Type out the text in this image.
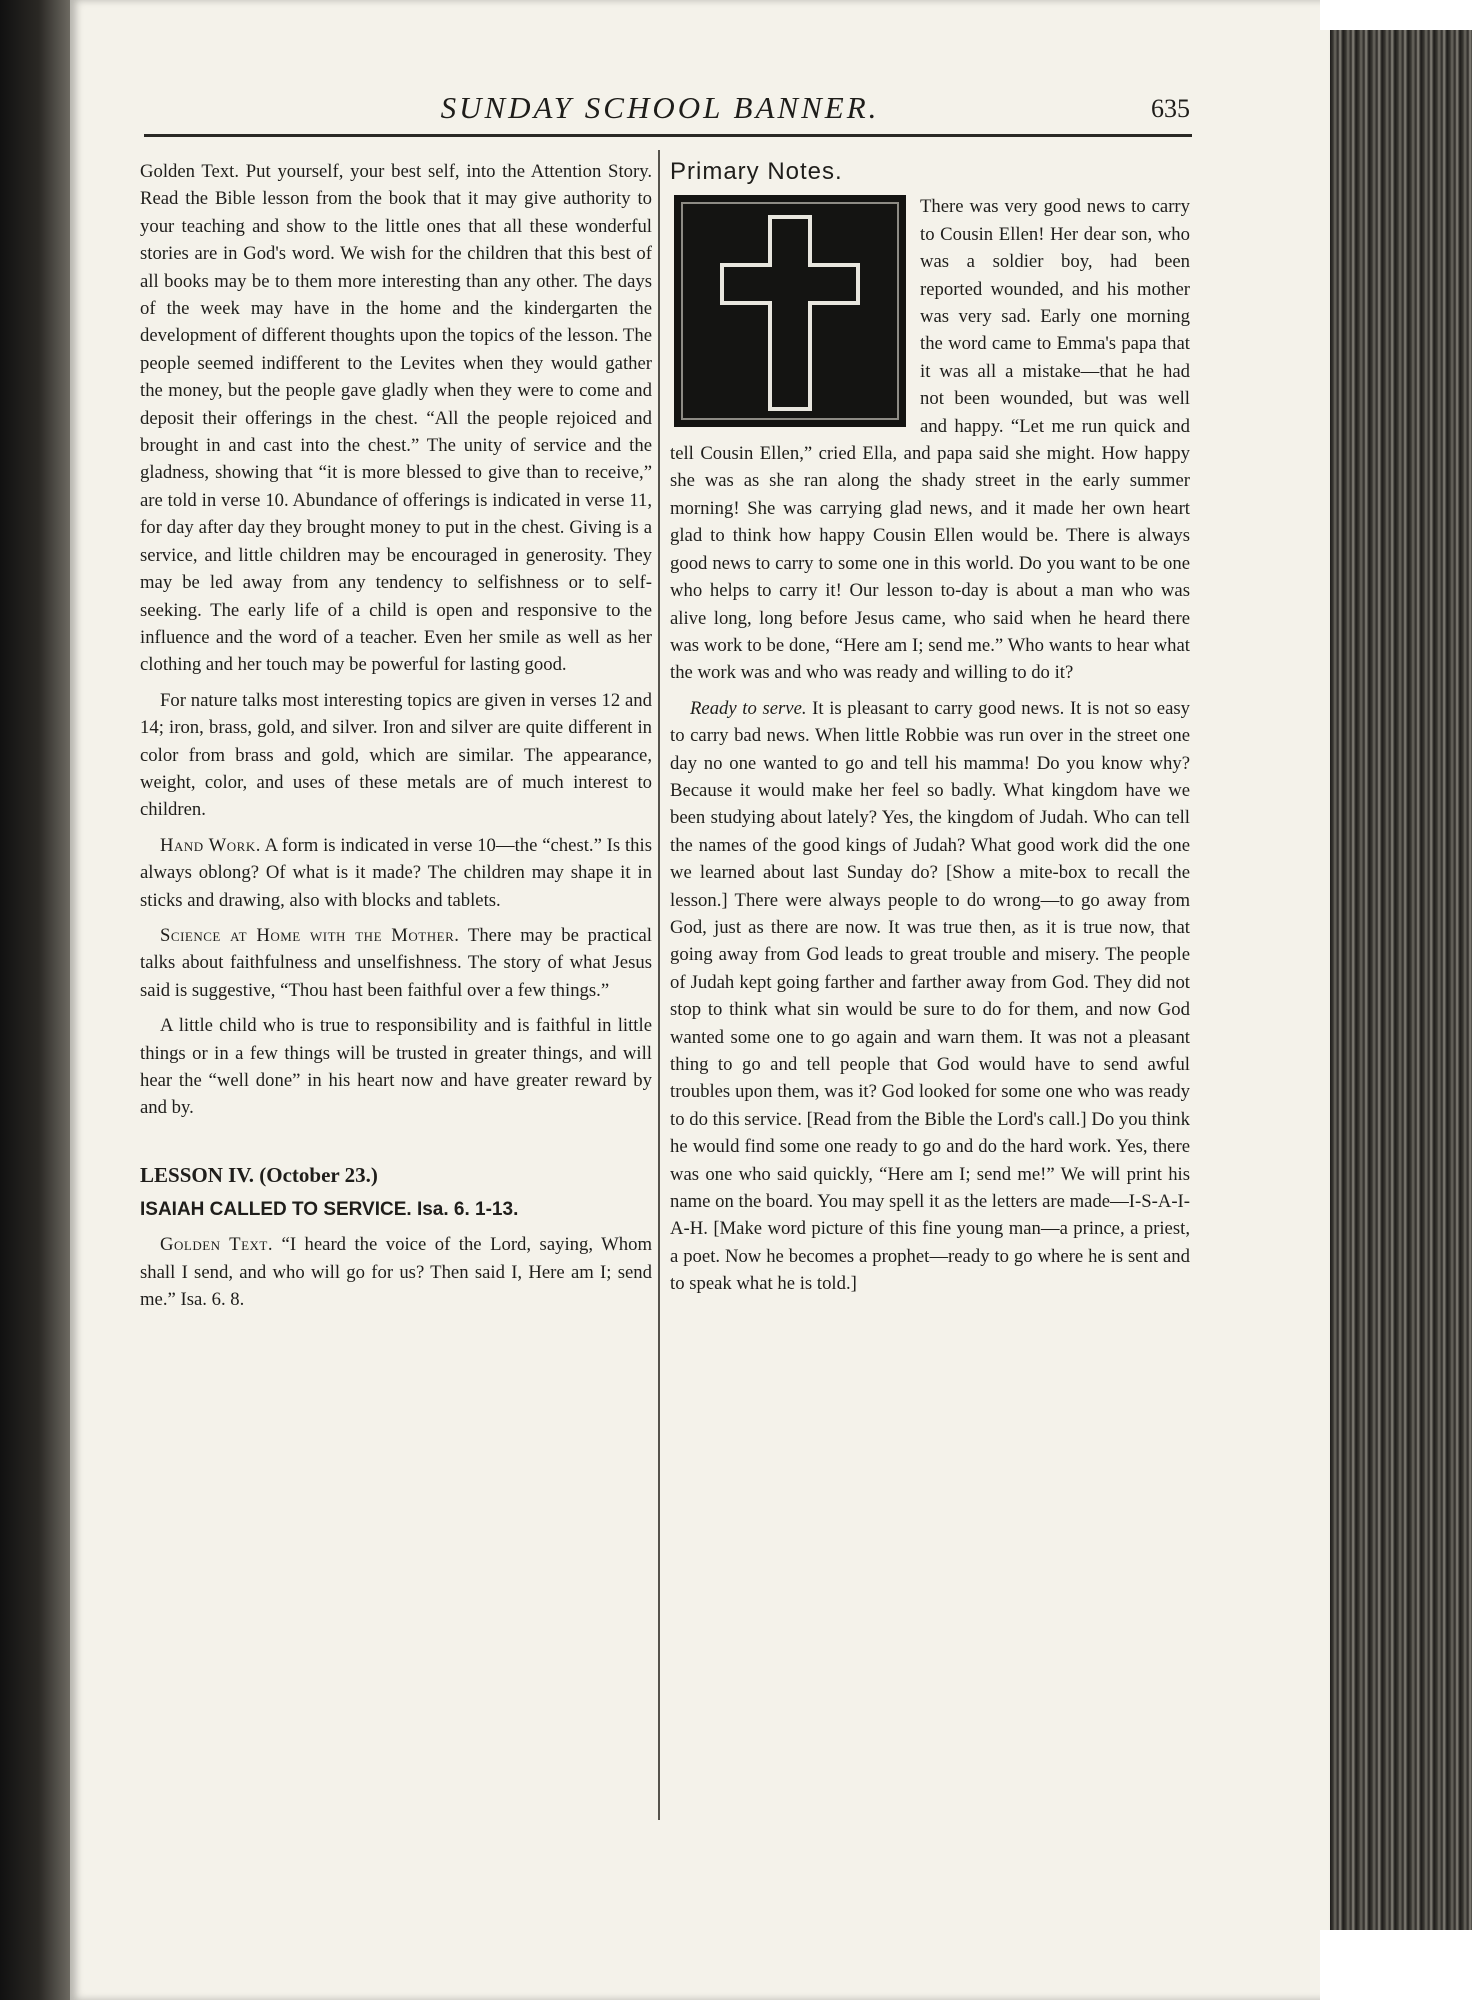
SUNDAY SCHOOL BANNER.	635

Golden Text. Put yourself, your best self, into the Attention Story. Read the Bible lesson from the book that it may give authority to your teaching and show to the little ones that all these wonderful stories are in God's word. We wish for the children that this best of all books may be to them more interesting than any other. The days of the week may have in the home and the kindergarten the development of different thoughts upon the topics of the lesson. The people seemed indifferent to the Levites when they would gather the money, but the people gave gladly when they were to come and deposit their offerings in the chest. “All the people rejoiced and brought in and cast into the chest.” The unity of service and the gladness, showing that “it is more blessed to give than to receive,” are told in verse 10. Abundance of offerings is indicated in verse 11, for day after day they brought money to put in the chest. Giving is a service, and little children may be encouraged in generosity. They may be led away from any tendency to selfishness or to self-seeking. The early life of a child is open and responsive to the influence and the word of a teacher. Even her smile as well as her clothing and her touch may be powerful for lasting good.

For nature talks most interesting topics are given in verses 12 and 14; iron, brass, gold, and silver. Iron and silver are quite different in color from brass and gold, which are similar. The appearance, weight, color, and uses of these metals are of much interest to children.

Hand Work. A form is indicated in verse 10—the “chest.” Is this always oblong? Of what is it made? The children may shape it in sticks and drawing, also with blocks and tablets.

Science at Home with the Mother. There may be practical talks about faithfulness and unselfishness. The story of what Jesus said is suggestive, “Thou hast been faithful over a few things.”

A little child who is true to responsibility and is faithful in little things or in a few things will be trusted in greater things, and will hear the “well done” in his heart now and have greater reward by and by.

LESSON IV. (October 23.)

ISAIAH CALLED TO SERVICE. Isa. 6. 1-13.

Golden Text. “I heard the voice of the Lord, saying, Whom shall I send, and who will go for us? Then said I, Here am I; send me.” Isa. 6. 8.

Primary Notes.

There was very good news to carry to Cousin Ellen! Her dear son, who was a soldier boy, had been reported wounded, and his mother was very sad. Early one morning the word came to Emma's papa that it was all a mistake—that he had not been wounded, but was well and happy. “Let me run quick and tell Cousin Ellen,” cried Ella, and papa said she might. How happy she was as she ran along the shady street in the early summer morning! She was carrying glad news, and it made her own heart glad to think how happy Cousin Ellen would be. There is always good news to carry to some one in this world. Do you want to be one who helps to carry it! Our lesson to-day is about a man who was alive long, long before Jesus came, who said when he heard there was work to be done, “Here am I; send me.” Who wants to hear what the work was and who was ready and willing to do it?

Ready to serve. It is pleasant to carry good news. It is not so easy to carry bad news. When little Robbie was run over in the street one day no one wanted to go and tell his mamma! Do you know why? Because it would make her feel so badly. What kingdom have we been studying about lately? Yes, the kingdom of Judah. Who can tell the names of the good kings of Judah? What good work did the one we learned about last Sunday do? [Show a mite-box to recall the lesson.] There were always people to do wrong—to go away from God, just as there are now. It was true then, as it is true now, that going away from God leads to great trouble and misery. The people of Judah kept going farther and farther away from God. They did not stop to think what sin would be sure to do for them, and now God wanted some one to go again and warn them. It was not a pleasant thing to go and tell people that God would have to send awful troubles upon them, was it? God looked for some one who was ready to do this service. [Read from the Bible the Lord's call.] Do you think he would find some one ready to go and do the hard work. Yes, there was one who said quickly, “Here am I; send me!” We will print his name on the board. You may spell it as the letters are made—I-S-A-I-A-H. [Make word picture of this fine young man—a prince, a priest, a poet. Now he becomes a prophet—ready to go where he is sent and to speak what he is told.]
